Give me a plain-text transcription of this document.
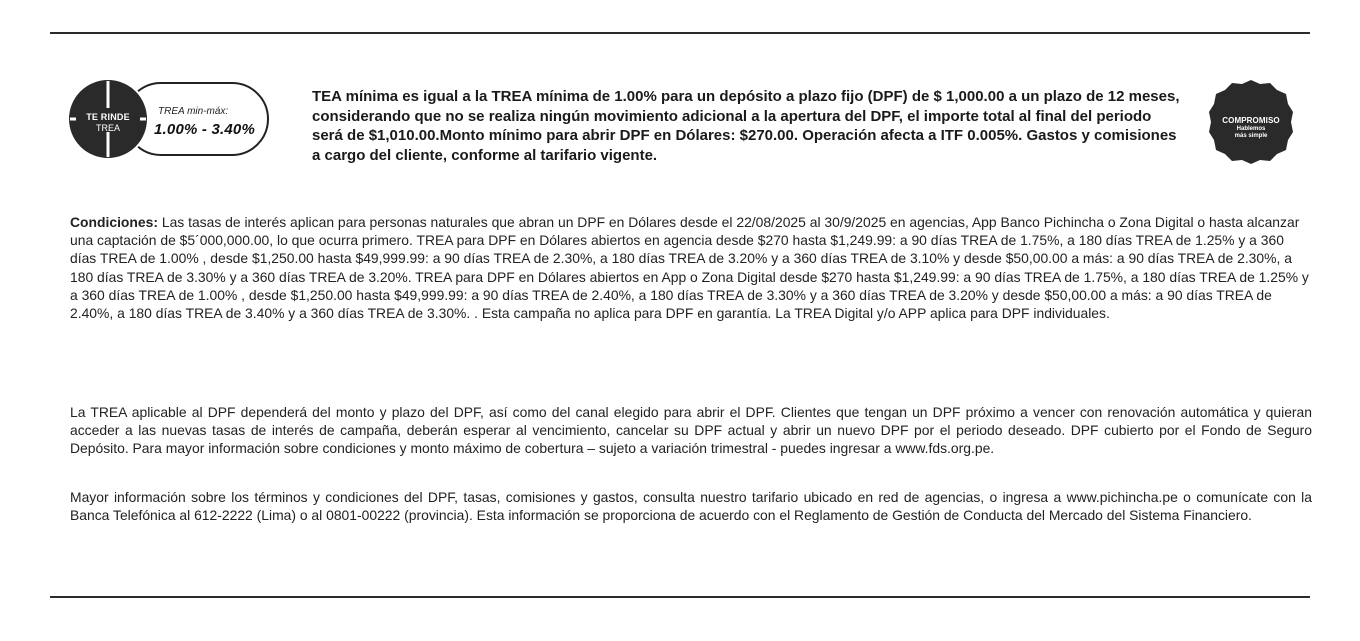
TREA min-máx:
1.00% - 3.40%
TE RINDE
TREA

TEA mínima es igual a la TREA mínima de 1.00% para un depósito a plazo fijo (DPF) de $ 1,000.00 a un plazo de 12 meses, considerando que no se realiza ningún movimiento adicional a la apertura del DPF, el importe total al final del periodo será de $1,010.00.Monto mínimo para abrir DPF en Dólares: $270.00. Operación afecta a ITF 0.005%. Gastos y comisiones a cargo del cliente, conforme al tarifario vigente.

COMPROMISO
Hablemos
más simple

Condiciones: Las tasas de interés aplican para personas naturales que abran un DPF en Dólares desde el 22/08/2025 al 30/9/2025 en agencias, App Banco Pichincha o Zona Digital o hasta alcanzar una captación de $5´000,000.00, lo que ocurra primero. TREA para DPF en Dólares abiertos en agencia desde $270 hasta $1,249.99: a 90 días TREA de 1.75%, a 180 días TREA de 1.25% y a 360 días TREA de 1.00% , desde $1,250.00 hasta $49,999.99: a 90 días TREA de 2.30%, a 180 días TREA de 3.20% y a 360 días TREA de 3.10% y desde $50,00.00 a más: a 90 días TREA de 2.30%, a 180 días TREA de 3.30% y a 360 días TREA de 3.20%. TREA para DPF en Dólares abiertos en App o Zona Digital desde $270 hasta $1,249.99: a 90 días TREA de 1.75%, a 180 días TREA de 1.25% y a 360 días TREA de 1.00% , desde $1,250.00 hasta $49,999.99: a 90 días TREA de 2.40%, a 180 días TREA de 3.30% y a 360 días TREA de 3.20% y desde $50,00.00 a más: a 90 días TREA de 2.40%, a 180 días TREA de 3.40% y a 360 días TREA de 3.30%. . Esta campaña no aplica para DPF en garantía. La TREA Digital y/o APP aplica para DPF individuales.

La TREA aplicable al DPF dependerá del monto y plazo del DPF, así como del canal elegido para abrir el DPF. Clientes que tengan un DPF próximo a vencer con renovación automática y quieran acceder a las nuevas tasas de interés de campaña, deberán esperar al vencimiento, cancelar su DPF actual y abrir un nuevo DPF por el periodo deseado. DPF cubierto por el Fondo de Seguro Depósito. Para mayor información sobre condiciones y monto máximo de cobertura – sujeto a variación trimestral - puedes ingresar a www.fds.org.pe.

Mayor información sobre los términos y condiciones del DPF, tasas, comisiones y gastos, consulta nuestro tarifario ubicado en red de agencias, o ingresa a www.pichincha.pe o comunícate con la Banca Telefónica al 612-2222 (Lima) o al 0801-00222 (provincia). Esta información se proporciona de acuerdo con el Reglamento de Gestión de Conducta del Mercado del Sistema Financiero.
